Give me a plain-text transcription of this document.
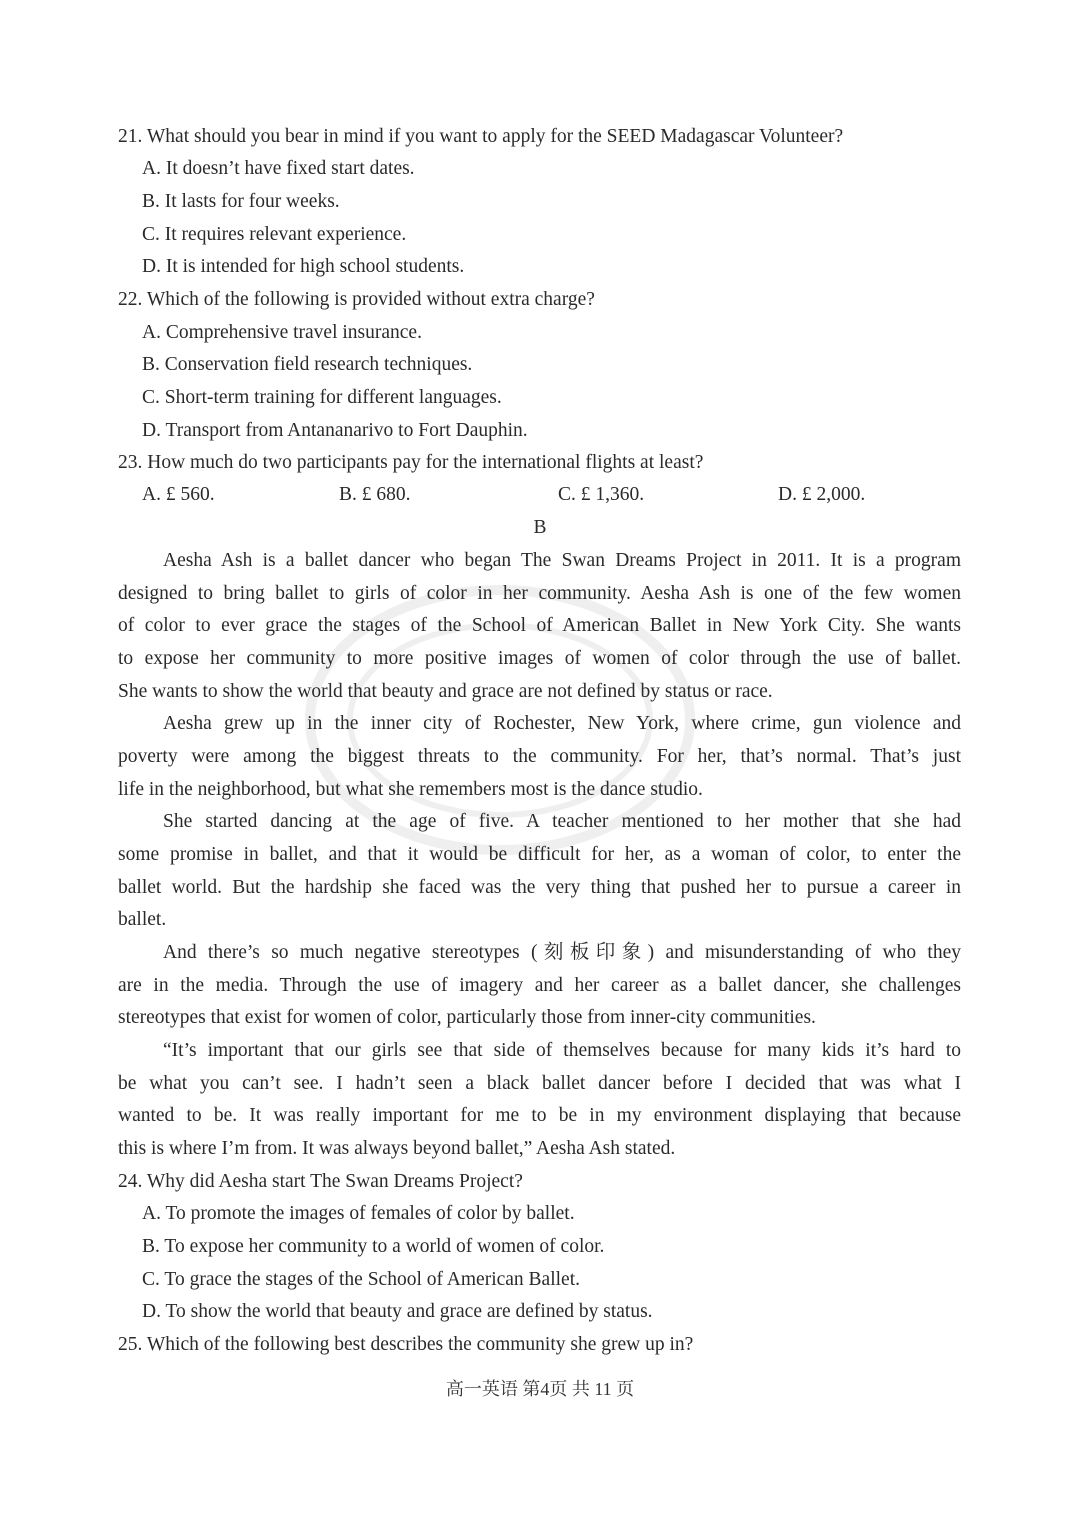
21. What should you bear in mind if you want to apply for the SEED Madagascar Volunteer?
A. It doesn’t have fixed start dates.
B. It lasts for four weeks.
C. It requires relevant experience.
D. It is intended for high school students.
22. Which of the following is provided without extra charge?
A. Comprehensive travel insurance.
B. Conservation field research techniques.
C. Short-term training for different languages.
D. Transport from Antananarivo to Fort Dauphin.
23. How much do two participants pay for the international flights at least?
A. £ 560.	B. £ 680.	C. £ 1,360.	D. £ 2,000.
B
Aesha Ash is a ballet dancer who began The Swan Dreams Project in 2011. It is a program
designed to bring ballet to girls of color in her community. Aesha Ash is one of the few women
of color to ever grace the stages of the School of American Ballet in New York City. She wants
to expose her community to more positive images of women of color through the use of ballet.
She wants to show the world that beauty and grace are not defined by status or race.
Aesha grew up in the inner city of Rochester, New York, where crime, gun violence and
poverty were among the biggest threats to the community. For her, that’s normal. That’s just
life in the neighborhood, but what she remembers most is the dance studio.
She started dancing at the age of five. A teacher mentioned to her mother that she had
some promise in ballet, and that it would be difficult for her, as a woman of color, to enter the
ballet world. But the hardship she faced was the very thing that pushed her to pursue a career in
ballet.
And there’s so much negative stereotypes (刻板印象) and misunderstanding of who they
are in the media. Through the use of imagery and her career as a ballet dancer, she challenges
stereotypes that exist for women of color, particularly those from inner-city communities.
“It’s important that our girls see that side of themselves because for many kids it’s hard to
be what you can’t see. I hadn’t seen a black ballet dancer before I decided that was what I
wanted to be. It was really important for me to be in my environment displaying that because
this is where I’m from. It was always beyond ballet,” Aesha Ash stated.
24. Why did Aesha start The Swan Dreams Project?
A. To promote the images of females of color by ballet.
B. To expose her community to a world of women of color.
C. To grace the stages of the School of American Ballet.
D. To show the world that beauty and grace are defined by status.
25. Which of the following best describes the community she grew up in?
高一英语 第4页 共 11 页
